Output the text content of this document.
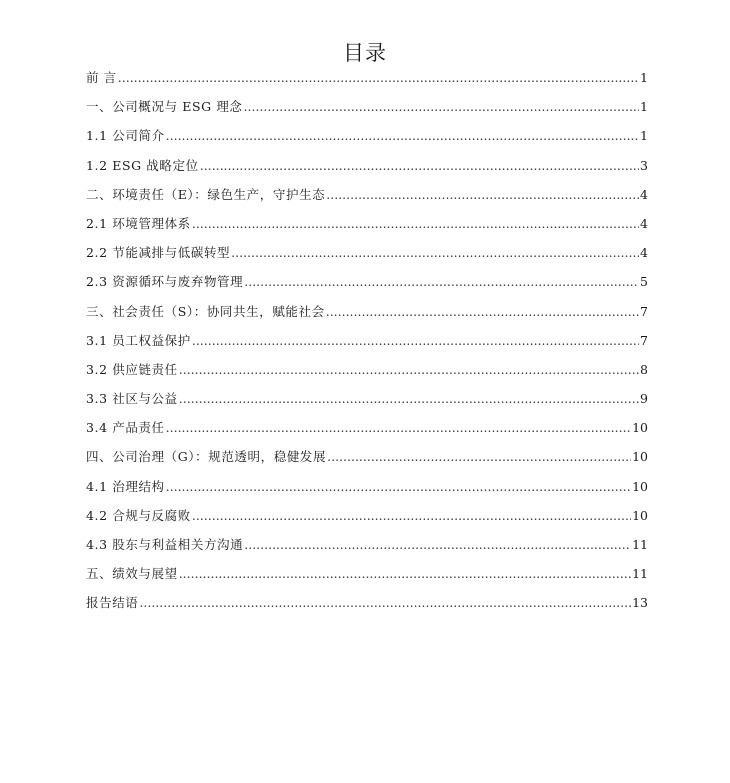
目录
前 言 .....	1
一、公司概况与 ESG 理念 .....	1
1.1 公司简介 .....	1
1.2 ESG 战略定位 .....	3
二、环境责任（E）：绿色生产，守护生态 .....	4
2.1 环境管理体系 .....	4
2.2 节能减排与低碳转型 .....	4
2.3 资源循环与废弃物管理 .....	5
三、社会责任（S）：协同共生，赋能社会 .....	7
3.1 员工权益保护 .....	7
3.2 供应链责任 .....	8
3.3 社区与公益 .....	9
3.4 产品责任 .....	10
四、公司治理（G）：规范透明，稳健发展 .....	10
4.1 治理结构 .....	10
4.2 合规与反腐败 .....	10
4.3 股东与利益相关方沟通 .....	11
五、绩效与展望 .....	11
报告结语 .....	13
